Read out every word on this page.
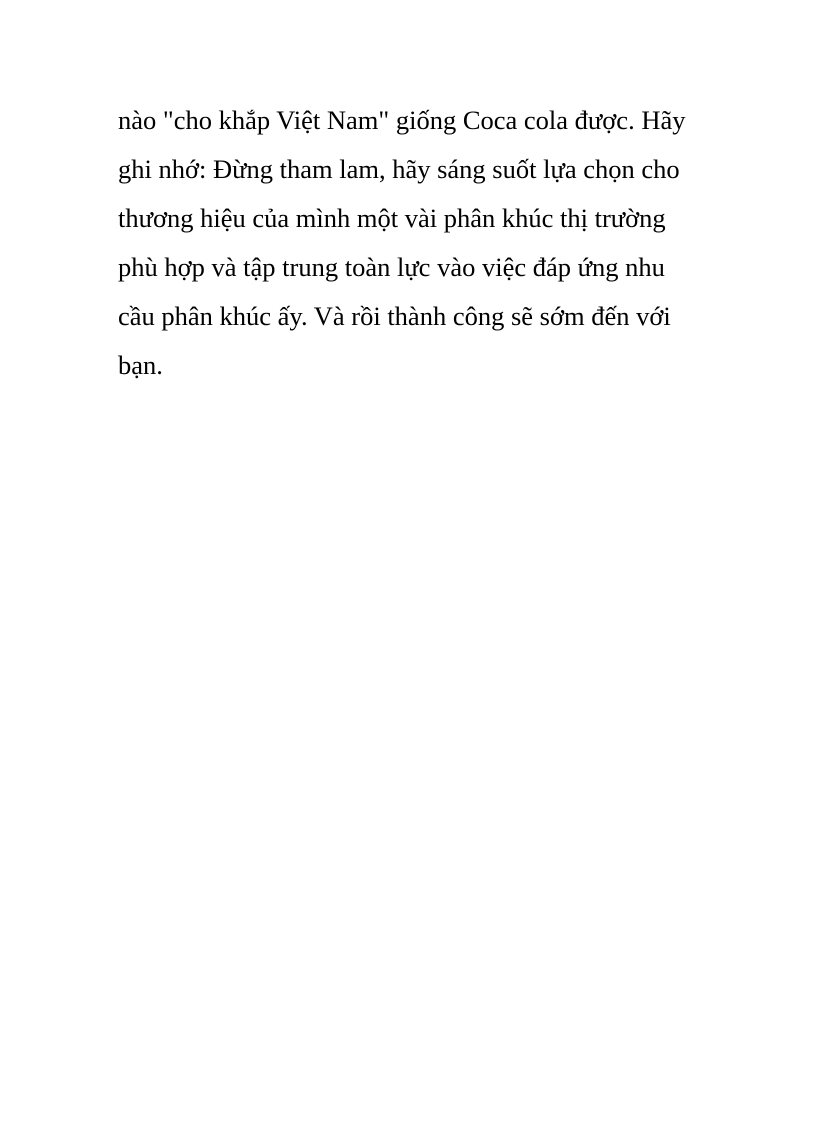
nào "cho khắp Việt Nam" giống Coca cola được. Hãy
ghi nhớ: Đừng tham lam, hãy sáng suốt lựa chọn cho
thương hiệu của mình một vài phân khúc thị trường
phù hợp và tập trung toàn lực vào việc đáp ứng nhu
cầu phân khúc ấy. Và rồi thành công sẽ sớm đến với
bạn.
